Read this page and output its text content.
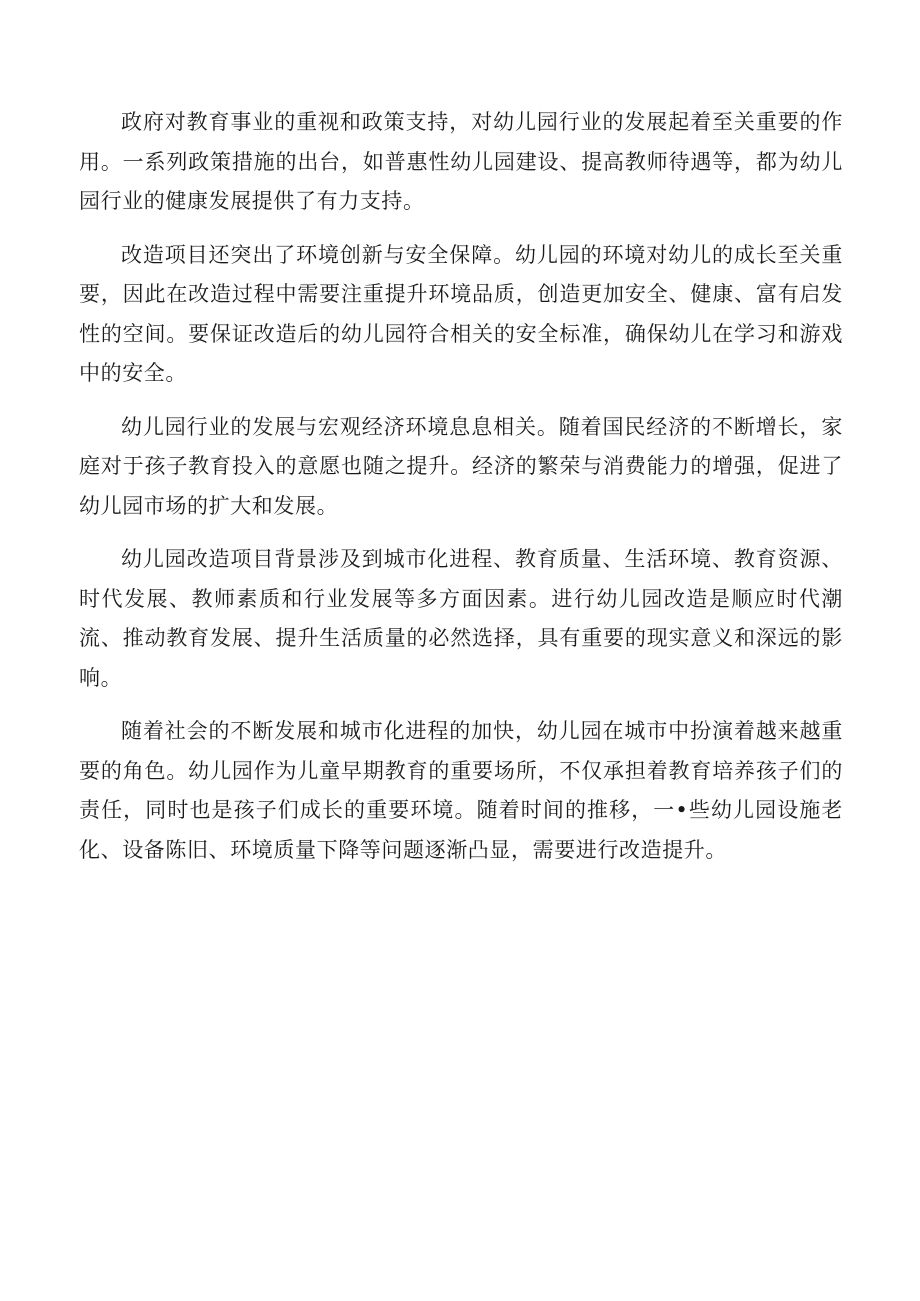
政府对教育事业的重视和政策支持，对幼儿园行业的发展起着至关重要的作用。一系列政策措施的出台，如普惠性幼儿园建设、提高教师待遇等，都为幼儿园行业的健康发展提供了有力支持。

改造项目还突出了环境创新与安全保障。幼儿园的环境对幼儿的成长至关重要，因此在改造过程中需要注重提升环境品质，创造更加安全、健康、富有启发性的空间。要保证改造后的幼儿园符合相关的安全标准，确保幼儿在学习和游戏中的安全。

幼儿园行业的发展与宏观经济环境息息相关。随着国民经济的不断增长，家庭对于孩子教育投入的意愿也随之提升。经济的繁荣与消费能力的增强，促进了幼儿园市场的扩大和发展。

幼儿园改造项目背景涉及到城市化进程、教育质量、生活环境、教育资源、时代发展、教师素质和行业发展等多方面因素。进行幼儿园改造是顺应时代潮流、推动教育发展、提升生活质量的必然选择，具有重要的现实意义和深远的影响。

随着社会的不断发展和城市化进程的加快，幼儿园在城市中扮演着越来越重要的角色。幼儿园作为儿童早期教育的重要场所，不仅承担着教育培养孩子们的责任，同时也是孩子们成长的重要环境。随着时间的推移，一•些幼儿园设施老化、设备陈旧、环境质量下降等问题逐渐凸显，需要进行改造提升。
